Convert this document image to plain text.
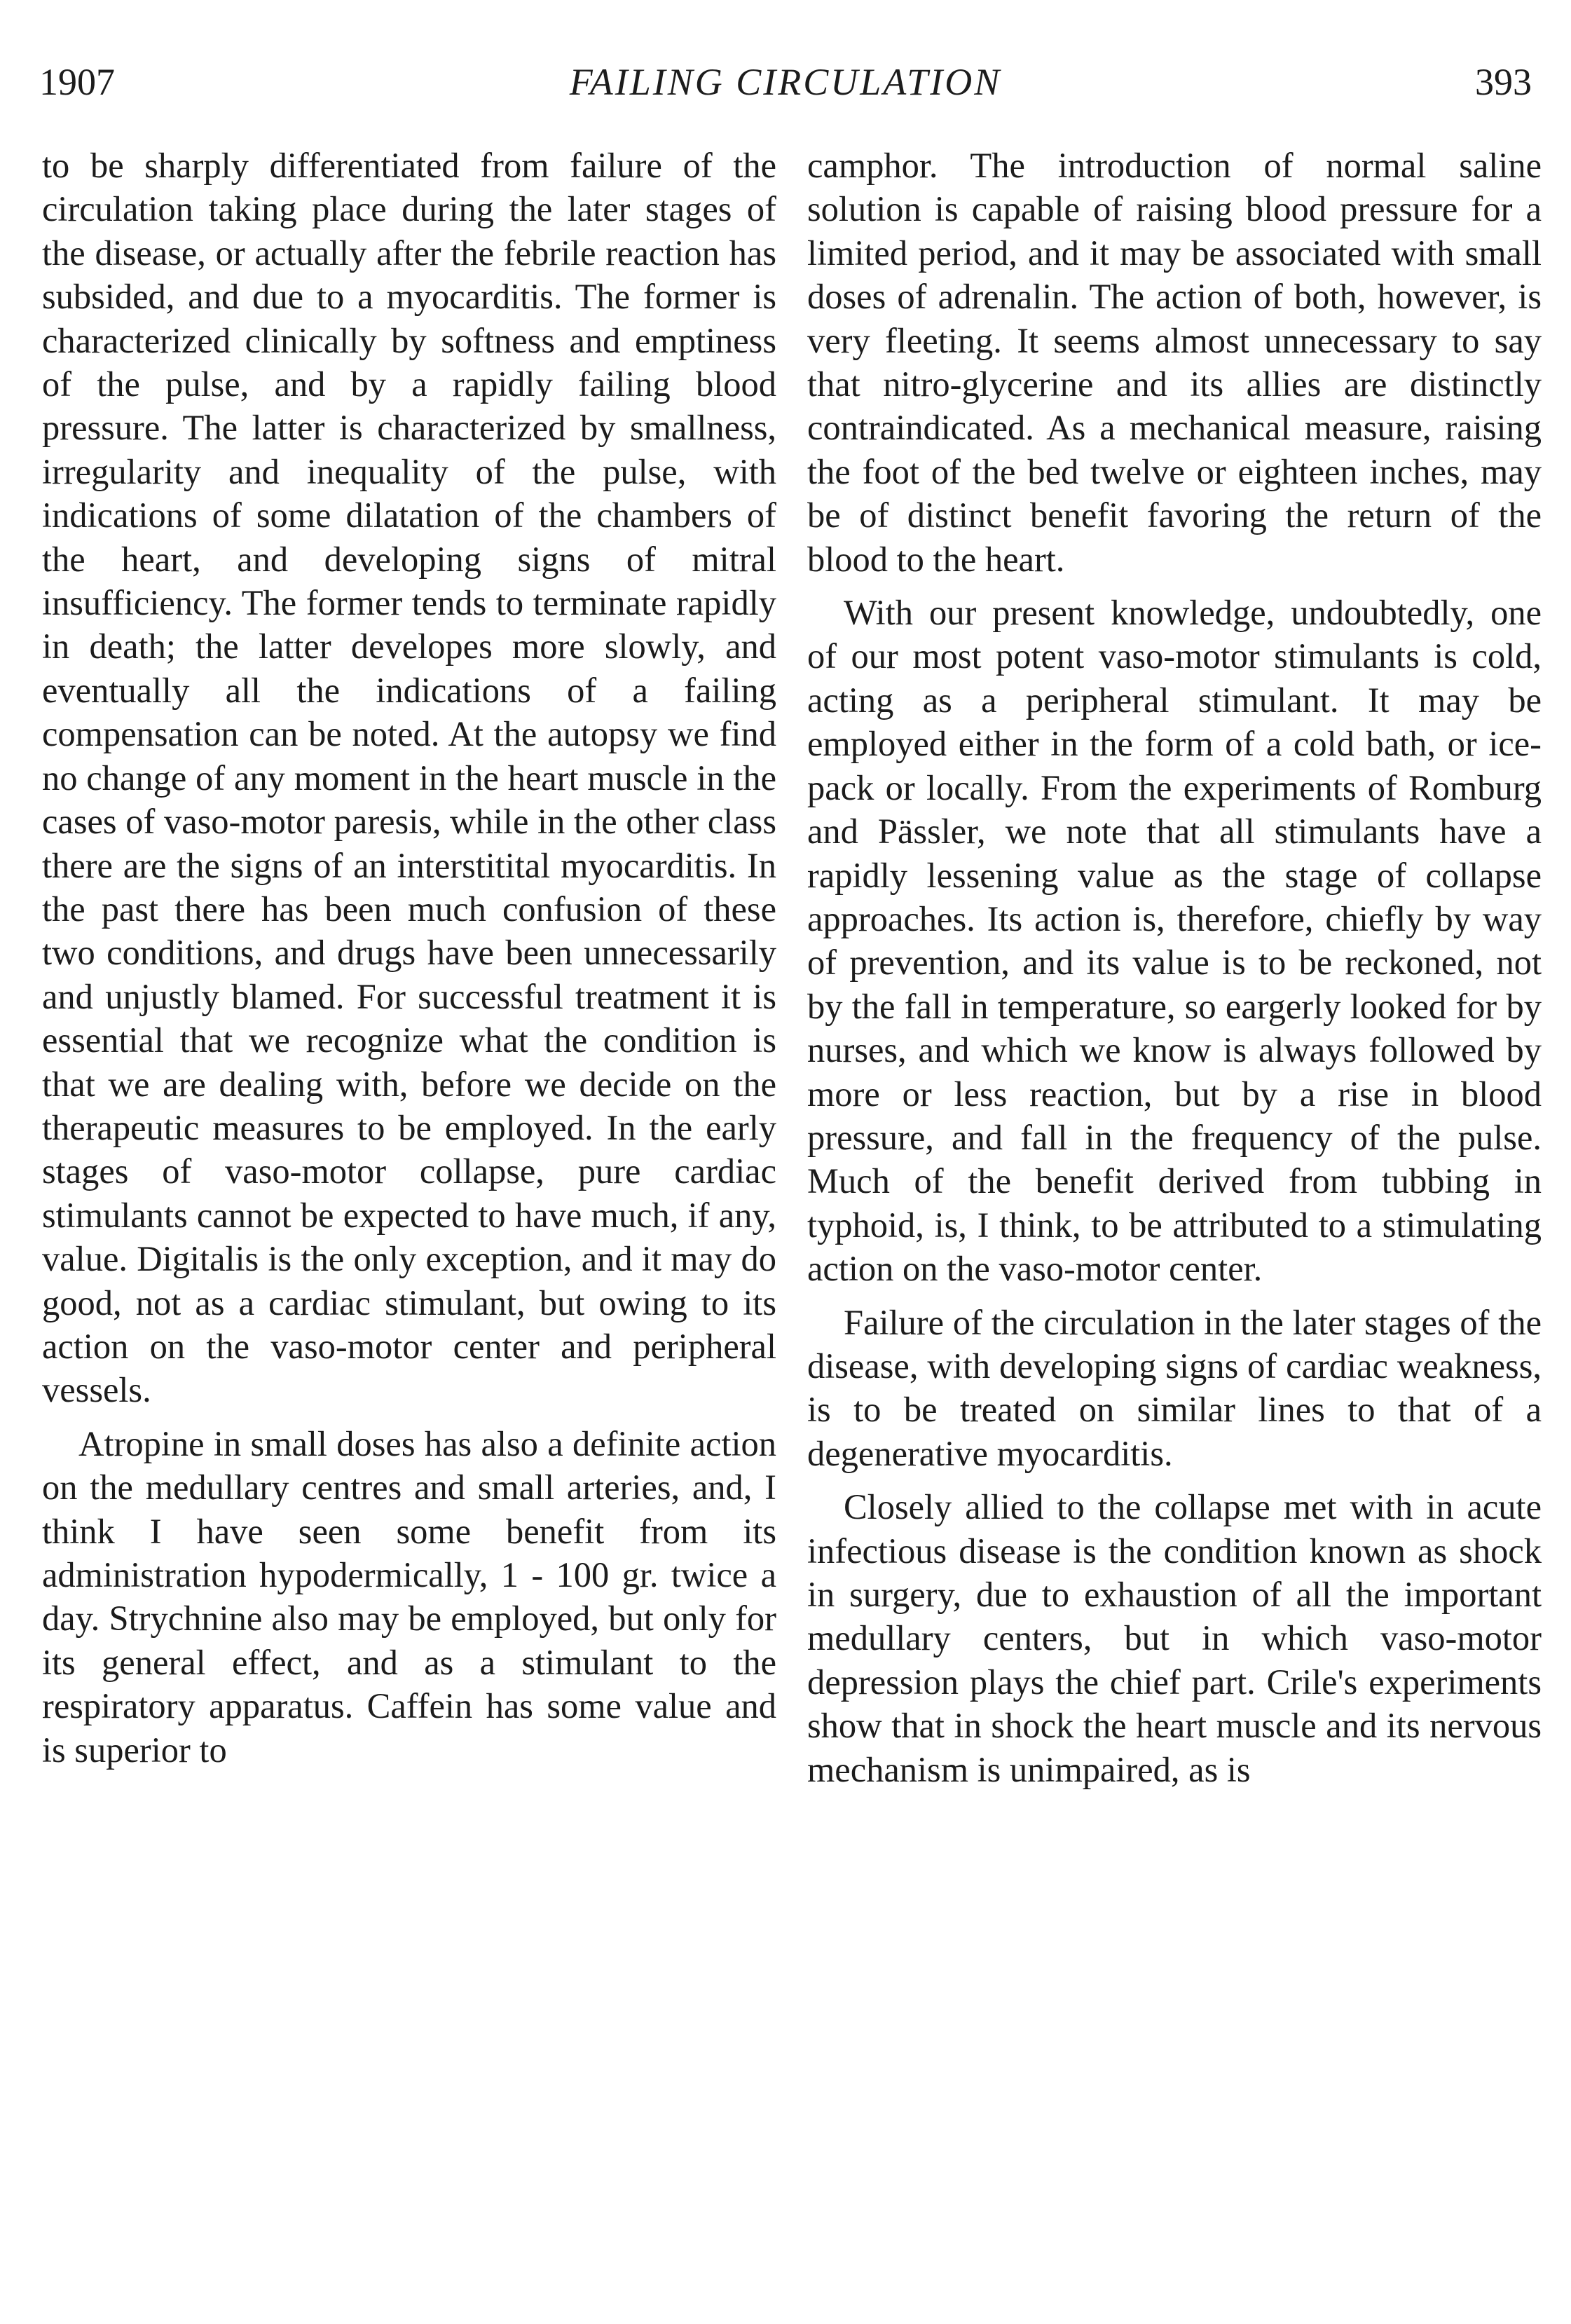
1907	FAILING CIRCULATION	393

to be sharply differentiated from failure of the circulation taking place during the later stages of the disease, or actually after the febrile reaction has subsided, and due to a myocarditis. The former is characterized clinically by softness and emptiness of the pulse, and by a rapidly failing blood pressure. The latter is characterized by smallness, irregularity and inequality of the pulse, with indications of some dilatation of the chambers of the heart, and developing signs of mitral insufficiency. The former tends to terminate rapidly in death; the latter developes more slowly, and eventually all the indications of a failing compensation can be noted. At the autopsy we find no change of any moment in the heart muscle in the cases of vaso-motor paresis, while in the other class there are the signs of an interstitital myocarditis. In the past there has been much confusion of these two conditions, and drugs have been unnecessarily and unjustly blamed. For successful treatment it is essential that we recognize what the condition is that we are dealing with, before we decide on the therapeutic measures to be employed. In the early stages of vaso-motor collapse, pure cardiac stimulants cannot be expected to have much, if any, value. Digitalis is the only exception, and it may do good, not as a cardiac stimulant, but owing to its action on the vaso-motor center and peripheral vessels.

Atropine in small doses has also a definite action on the medullary centres and small arteries, and, I think I have seen some benefit from its administration hypodermically, 1 - 100 gr. twice a day. Strychnine also may be employed, but only for its general effect, and as a stimulant to the respiratory apparatus. Caffein has some value and is superior to

camphor. The introduction of normal saline solution is capable of raising blood pressure for a limited period, and it may be associated with small doses of adrenalin. The action of both, however, is very fleeting. It seems almost unnecessary to say that nitro-glycerine and its allies are distinctly contraindicated. As a mechanical measure, raising the foot of the bed twelve or eighteen inches, may be of distinct benefit favoring the return of the blood to the heart.

With our present knowledge, undoubtedly, one of our most potent vaso-motor stimulants is cold, acting as a peripheral stimulant. It may be employed either in the form of a cold bath, or ice-pack or locally. From the experiments of Romburg and Pässler, we note that all stimulants have a rapidly lessening value as the stage of collapse approaches. Its action is, therefore, chiefly by way of prevention, and its value is to be reckoned, not by the fall in temperature, so eargerly looked for by nurses, and which we know is always followed by more or less reaction, but by a rise in blood pressure, and fall in the frequency of the pulse. Much of the benefit derived from tubbing in typhoid, is, I think, to be attributed to a stimulating action on the vaso-motor center.

Failure of the circulation in the later stages of the disease, with developing signs of cardiac weakness, is to be treated on similar lines to that of a degenerative myocarditis.

Closely allied to the collapse met with in acute infectious disease is the condition known as shock in surgery, due to exhaustion of all the important medullary centers, but in which vaso-motor depression plays the chief part. Crile's experiments show that in shock the heart muscle and its nervous mechanism is unimpaired, as is
